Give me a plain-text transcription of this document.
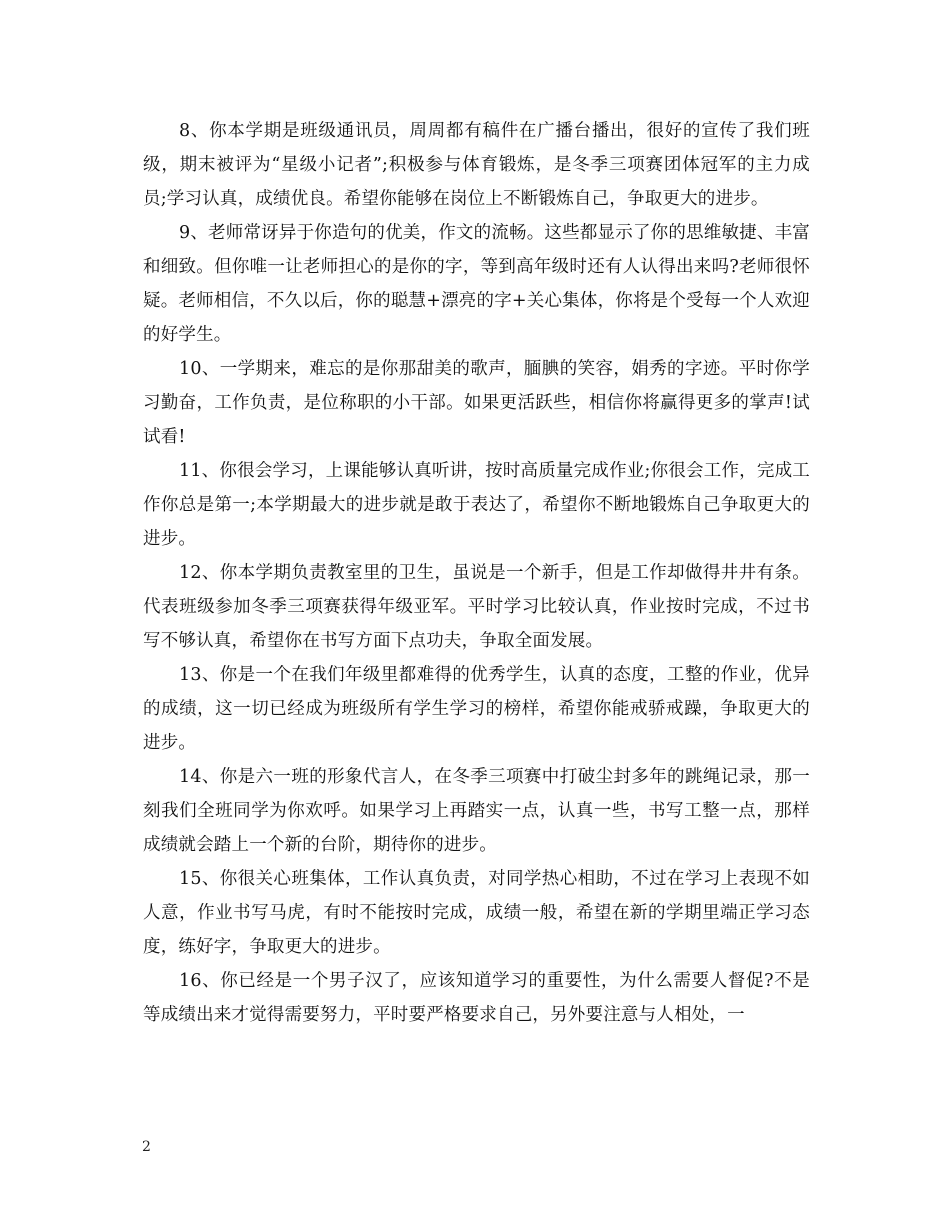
8、你本学期是班级通讯员，周周都有稿件在广播台播出，很好的宣传了我们班级，期末被评为“星级小记者”;积极参与体育锻炼，是冬季三项赛团体冠军的主力成员;学习认真，成绩优良。希望你能够在岗位上不断锻炼自己，争取更大的进步。

9、老师常讶异于你造句的优美，作文的流畅。这些都显示了你的思维敏捷、丰富和细致。但你唯一让老师担心的是你的字，等到高年级时还有人认得出来吗?老师很怀疑。老师相信，不久以后，你的聪慧+漂亮的字+关心集体，你将是个受每一个人欢迎的好学生。

10、一学期来，难忘的是你那甜美的歌声，腼腆的笑容，娟秀的字迹。平时你学习勤奋，工作负责，是位称职的小干部。如果更活跃些，相信你将赢得更多的掌声!试试看!

11、你很会学习，上课能够认真听讲，按时高质量完成作业;你很会工作，完成工作你总是第一;本学期最大的进步就是敢于表达了，希望你不断地锻炼自己争取更大的进步。

12、你本学期负责教室里的卫生，虽说是一个新手，但是工作却做得井井有条。代表班级参加冬季三项赛获得年级亚军。平时学习比较认真，作业按时完成，不过书写不够认真，希望你在书写方面下点功夫，争取全面发展。

13、你是一个在我们年级里都难得的优秀学生，认真的态度，工整的作业，优异的成绩，这一切已经成为班级所有学生学习的榜样，希望你能戒骄戒躁，争取更大的进步。

14、你是六一班的形象代言人，在冬季三项赛中打破尘封多年的跳绳记录，那一刻我们全班同学为你欢呼。如果学习上再踏实一点，认真一些，书写工整一点，那样成绩就会踏上一个新的台阶，期待你的进步。

15、你很关心班集体，工作认真负责，对同学热心相助，不过在学习上表现不如人意，作业书写马虎，有时不能按时完成，成绩一般，希望在新的学期里端正学习态度，练好字，争取更大的进步。

16、你已经是一个男子汉了，应该知道学习的重要性，为什么需要人督促?不是等成绩出来才觉得需要努力，平时要严格要求自己，另外要注意与人相处，一

2
